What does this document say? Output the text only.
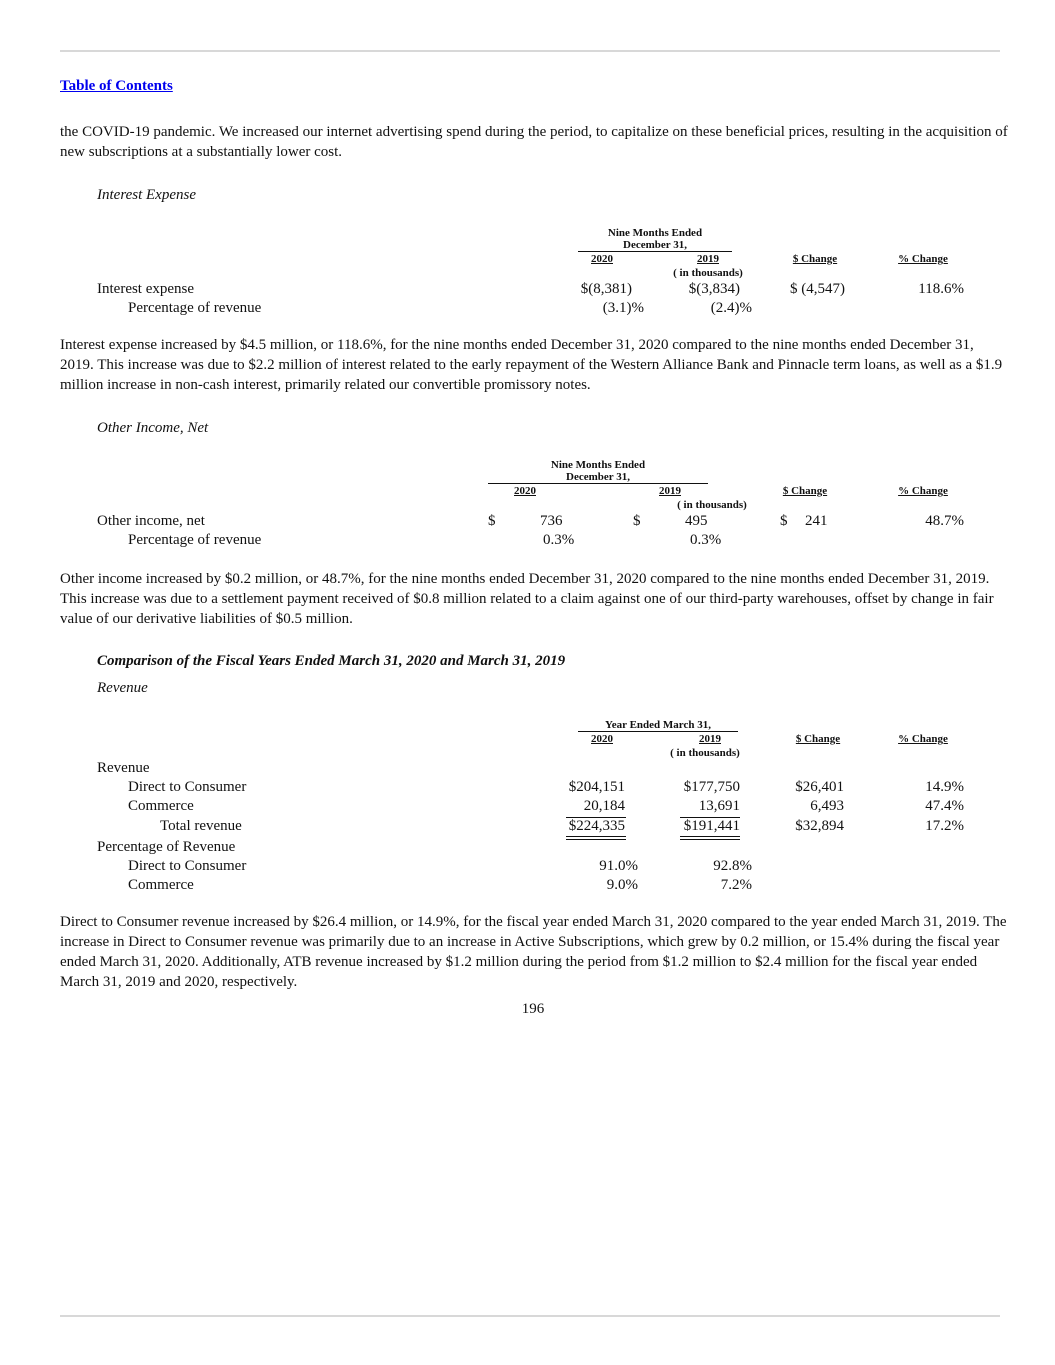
Table of Contents
the COVID-19 pandemic. We increased our internet advertising spend during the period, to capitalize on these beneficial prices, resulting in the acquisition of new subscriptions at a substantially lower cost.
Interest Expense
Nine Months Ended
December 31,
2020	2019	$ Change	% Change
( in thousands)
Interest expense	$(8,381)	$(3,834)	$ (4,547)	118.6%
Percentage of revenue	(3.1)%	(2.4)%
Interest expense increased by $4.5 million, or 118.6%, for the nine months ended December 31, 2020 compared to the nine months ended December 31, 2019. This increase was due to $2.2 million of interest related to the early repayment of the Western Alliance Bank and Pinnacle term loans, as well as a $1.9 million increase in non-cash interest, primarily related our convertible promissory notes.
Other Income, Net
Nine Months Ended
December 31,
2020	2019	$ Change	% Change
( in thousands)
Other income, net	$	736	$	495	$ 241	48.7%
Percentage of revenue	0.3%	0.3%
Other income increased by $0.2 million, or 48.7%, for the nine months ended December 31, 2020 compared to the nine months ended December 31, 2019. This increase was due to a settlement payment received of $0.8 million related to a claim against one of our third-party warehouses, offset by change in fair value of our derivative liabilities of $0.5 million.
Comparison of the Fiscal Years Ended March 31, 2020 and March 31, 2019
Revenue
Year Ended March 31,
2020	2019	$ Change	% Change
( in thousands)
Revenue
Direct to Consumer	$204,151	$177,750	$26,401	14.9%
Commerce	20,184	13,691	6,493	47.4%
Total revenue	$224,335	$191,441	$32,894	17.2%
Percentage of Revenue
Direct to Consumer	91.0%	92.8%
Commerce	9.0%	7.2%
Direct to Consumer revenue increased by $26.4 million, or 14.9%, for the fiscal year ended March 31, 2020 compared to the year ended March 31, 2019. The increase in Direct to Consumer revenue was primarily due to an increase in Active Subscriptions, which grew by 0.2 million, or 15.4% during the fiscal year ended March 31, 2020. Additionally, ATB revenue increased by $1.2 million during the period from $1.2 million to $2.4 million for the fiscal year ended March 31, 2019 and 2020, respectively.
196
